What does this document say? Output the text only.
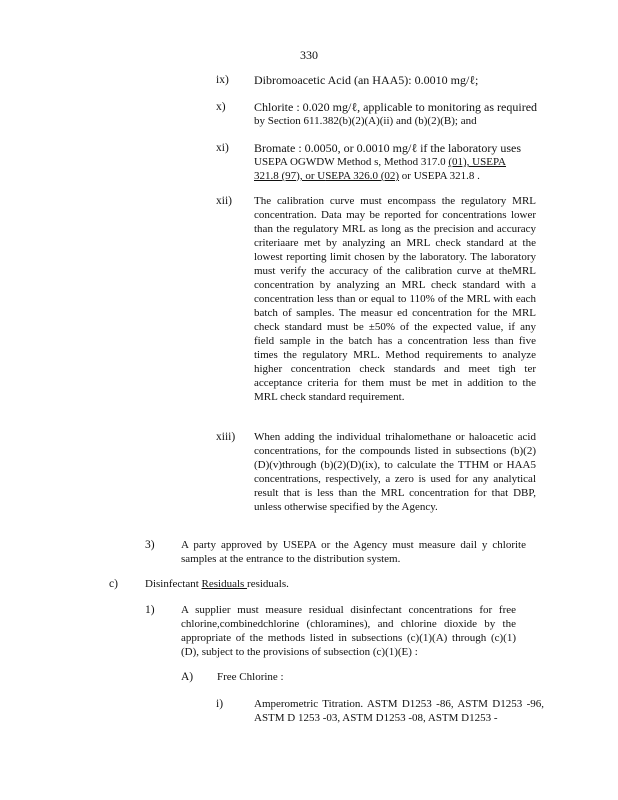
330
ix) Dibromoacetic Acid (an HAA5): 0.0010 mg/ℓ;
x) Chlorite : 0.020 mg/ℓ, applicable to monitoring as required
by Section 611.382(b)(2)(A)(ii) and (b)(2)(B); and
xi) Bromate : 0.0050, or 0.0010 mg/ℓ if the laboratory uses
USEPA OGWDW Method s, Method 317.0 (01), USEPA
321.8 (97), or USEPA 326.0 (02) or USEPA 321.8 .
xii) The calibration curve must encompass the regulatory MRL concentration. Data may be reported for concentrations lower than the regulatory MRL as long as the precision and accuracy criteriaare met by analyzing an MRL check standard at the lowest reporting limit chosen by the laboratory. The laboratory must verify the accuracy of the calibration curve at theMRL concentration by analyzing an MRL check standard with a concentration less than or equal to 110% of the MRL with each batch of samples. The measur ed concentration for the MRL check standard must be ±50% of the expected value, if any field sample in the batch has a concentration less than five times the regulatory MRL. Method requirements to analyze higher concentration check standards and meet tigh ter acceptance criteria for them must be met in addition to the MRL check standard requirement.
xiii) When adding the individual trihalomethane or haloacetic acid concentrations, for the compounds listed in subsections (b)(2)(D)(v)through (b)(2)(D)(ix), to calculate the TTHM or HAA5 concentrations, respectively, a zero is used for any analytical result that is less than the MRL concentration for that DBP, unless otherwise specified by the Agency.
3) A party approved by USEPA or the Agency must measure dail y chlorite samples at the entrance to the distribution system.
c) Disinfectant Residuals residuals.
1) A supplier must measure residual disinfectant concentrations for free chlorine,combinedchlorine (chloramines), and chlorine dioxide by the appropriate of the methods listed in subsections (c)(1)(A) through (c)(1)(D), subject to the provisions of subsection (c)(1)(E) :
A) Free Chlorine :
i)	Amperometric Titration. ASTM D1253 -86, ASTM D1253 -96, ASTM D 1253 -03, ASTM D1253 -08, ASTM D1253 -
